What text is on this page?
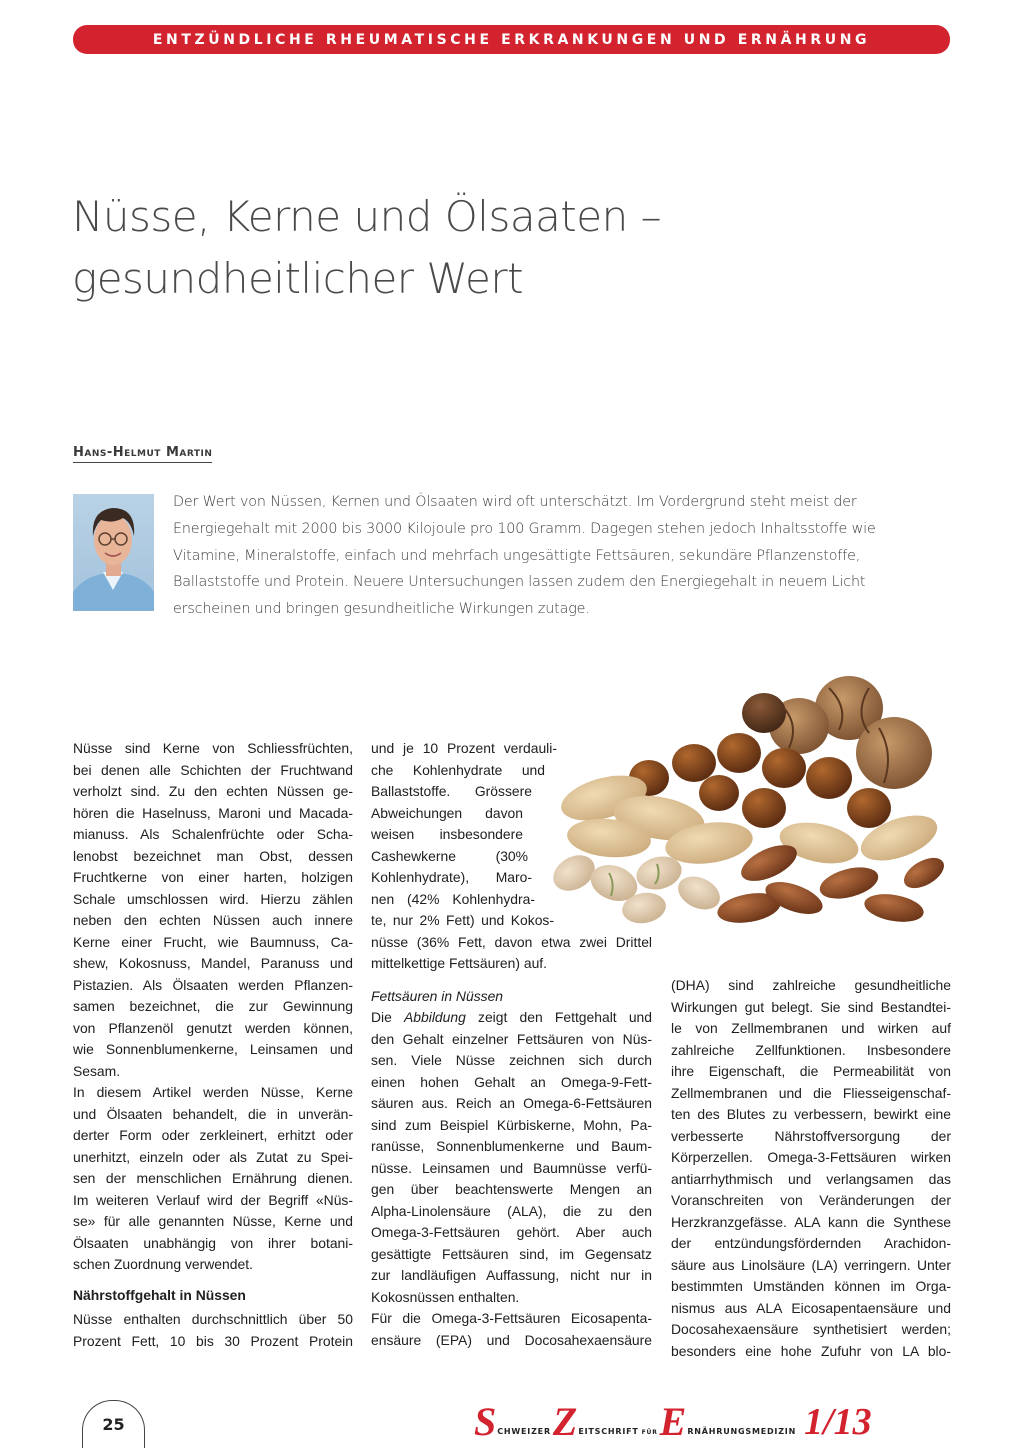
ENTZÜNDLICHE RHEUMATISCHE ERKRANKUNGEN UND ERNÄHRUNG
Nüsse, Kerne und Ölsaaten –
gesundheitlicher Wert
Hans-Helmut Martin
Der Wert von Nüssen, Kernen und Ölsaaten wird oft unterschätzt. Im Vordergrund steht meist der
Energiegehalt mit 2000 bis 3000 Kilojoule pro 100 Gramm. Dagegen stehen jedoch Inhaltsstoffe wie
Vitamine, Mineralstoffe, einfach und mehrfach ungesättigte Fettsäuren, sekundäre Pflanzenstoffe,
Ballaststoffe und Protein. Neuere Untersuchungen lassen zudem den Energiegehalt in neuem Licht
erscheinen und bringen gesundheitliche Wirkungen zutage.
Nüsse sind Kerne von Schliessfrüchten,
bei denen alle Schichten der Fruchtwand
verholzt sind. Zu den echten Nüssen ge-
hören die Haselnuss, Maroni und Macada-
mianuss. Als Schalenfrüchte oder Scha-
lenobst bezeichnet man Obst, dessen
Fruchtkerne von einer harten, holzigen
Schale umschlossen wird. Hierzu zählen
neben den echten Nüssen auch innere
Kerne einer Frucht, wie Baumnuss, Ca-
shew, Kokosnuss, Mandel, Paranuss und
Pistazien. Als Ölsaaten werden Pflanzen-
samen bezeichnet, die zur Gewinnung
von Pflanzenöl genutzt werden können,
wie Sonnenblumenkerne, Leinsamen und
Sesam.
In diesem Artikel werden Nüsse, Kerne
und Ölsaaten behandelt, die in unverän-
derter Form oder zerkleinert, erhitzt oder
unerhitzt, einzeln oder als Zutat zu Spei-
sen der menschlichen Ernährung dienen.
Im weiteren Verlauf wird der Begriff «Nüs-
se» für alle genannten Nüsse, Kerne und
Ölsaaten unabhängig von ihrer botani-
schen Zuordnung verwendet.
Nährstoffgehalt in Nüssen
Nüsse enthalten durchschnittlich über 50
Prozent Fett, 10 bis 30 Prozent Protein
und je 10 Prozent verdauli-
che Kohlenhydrate und
Ballaststoffe. Grössere
Abweichungen davon
weisen insbesondere
Cashewkerne (30%
Kohlenhydrate), Maro-
nen (42% Kohlenhydra-
te, nur 2% Fett) und Kokos-
nüsse (36% Fett, davon etwa zwei Drittel
mittelkettige Fettsäuren) auf.
Fettsäuren in Nüssen
Die Abbildung zeigt den Fettgehalt und
den Gehalt einzelner Fettsäuren von Nüs-
sen. Viele Nüsse zeichnen sich durch
einen hohen Gehalt an Omega-9-Fett-
säuren aus. Reich an Omega-6-Fettsäuren
sind zum Beispiel Kürbiskerne, Mohn, Pa-
ranüsse, Sonnenblumenkerne und Baum-
nüsse. Leinsamen und Baumnüsse verfü-
gen über beachtenswerte Mengen an
Alpha-Linolensäure (ALA), die zu den
Omega-3-Fettsäuren gehört. Aber auch
gesättigte Fettsäuren sind, im Gegensatz
zur landläufigen Auffassung, nicht nur in
Kokosnüssen enthalten.
Für die Omega-3-Fettsäuren Eicosapenta-
ensäure (EPA) und Docosahexaensäure
(DHA) sind zahlreiche gesundheitliche
Wirkungen gut belegt. Sie sind Bestandtei-
le von Zellmembranen und wirken auf
zahlreiche Zellfunktionen. Insbesondere
ihre Eigenschaft, die Permeabilität von
Zellmembranen und die Fliesseigenschaf-
ten des Blutes zu verbessern, bewirkt eine
verbesserte Nährstoffversorgung der
Körperzellen. Omega-3-Fettsäuren wirken
antiarrhythmisch und verlangsamen das
Voranschreiten von Veränderungen der
Herzkranzgefässe. ALA kann die Synthese
der entzündungsfördernden Arachidon-
säure aus Linolsäure (LA) verringern. Unter
bestimmten Umständen können im Orga-
nismus aus ALA Eicosapentaensäure und
Docosahexaensäure synthetisiert werden;
besonders eine hohe Zufuhr von LA blo-
25	S CHWEIZER Z EITSCHRIFT FÜR E RNÄHRUNGSMEDIZIN 1/13
